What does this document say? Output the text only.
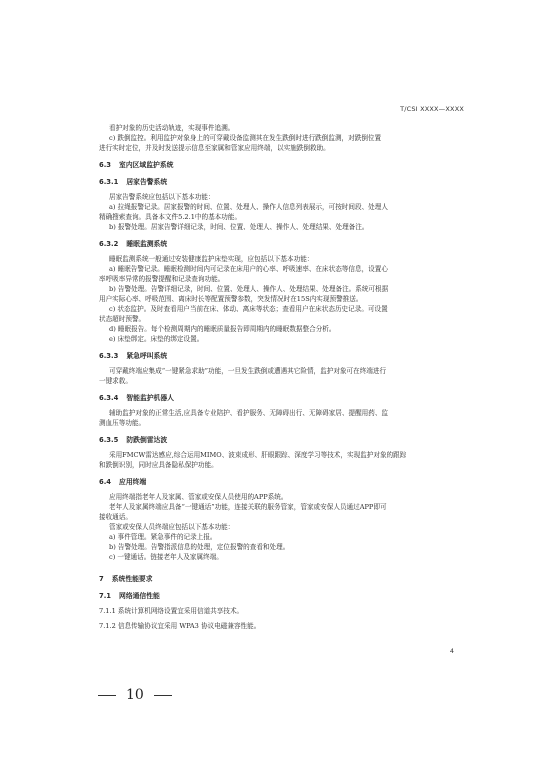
T/CSI XXXX—XXXX

看护对象的历史活动轨迹，实现事件追溯。

c) 跌倒监控。利用监护对象身上的可穿戴设备监测其在发生跌倒时进行跌倒监测，对跌倒位置

进行实时定位，并及时发送提示信息至家属和管家应用终端，以实施跌倒救助。

6.3 室内区域监护系统
6.3.1 居家告警系统

居家告警系统应包括以下基本功能：

a) 拉绳报警记录。居家报警的时间、位置、处理人、操作人信息列表展示，可按时间段、处理人

精确搜索查询。具备本文件5.2.1中的基本功能。

b) 报警处理。居家告警详细记录，时间、位置、处理人、操作人、处理结果、处理备注。

6.3.2 睡眠监测系统

睡眠监测系统一般通过安装健康监护床垫实现，应包括以下基本功能：

a) 睡眠告警记录。睡眠检测时间内可记录在床用户的心率、呼吸速率、在床状态等信息，设置心

率呼吸率异常的报警提醒和记录查询功能。

b) 告警处理。告警详细记录，时间、位置、处理人、操作人、处理结果、处理备注。系统可根据

用户实际心率、呼吸范围、离床时长等配置预警参数，突发情况时在15S内实现预警推送。

c) 状态监护。及时查看用户当前在床、体动、离床等状态；查看用户在床状态历史记录。可设置

状态超时预警。

d) 睡眠报告。每个检测周期内的睡眠质量报告即周期内的睡眠数据整合分析。

e) 床垫绑定。床垫的绑定设置。

6.3.3 紧急呼叫系统

可穿戴终端应集成“一键紧急求助”功能，一旦发生跌倒或遭遇其它险情，监护对象可在终端进行

一键求救。

6.3.4 智能监护机器人

辅助监护对象的正常生活,应具备专业陪护、看护服务、无障碍出行、无障碍家居、提醒用药、监

测血压等功能。

6.3.5 防跌倒雷达波

采用FMCW雷达感应,综合运用MIMO、波束成形、肝眼跟踪、深度学习等技术，实现监护对象的跟踪

和跌倒识别，同时应具备隐私保护功能。

6.4 应用终端

应用终端指老年人及家属、管家或安保人员使用的APP系统。

老年人及家属终端应具备“一键通话”功能，连接关联的服务管家，管家或安保人员通过APP即可

接收通话。

管家或安保人员终端应包括以下基本功能：

a) 事件管理。紧急事件的记录上报。

b) 告警处理。告警指派信息的处理，定位报警的查看和处理。

c) 一键通话。链接老年人及家属终端。

7 系统性能要求
7.1 网络通信性能

7.1.1 系统计算机网络设置宜采用信道共享技术。

7.1.2 信息传输协议宜采用 WPA3 协议电磁兼容性能。

4
10
